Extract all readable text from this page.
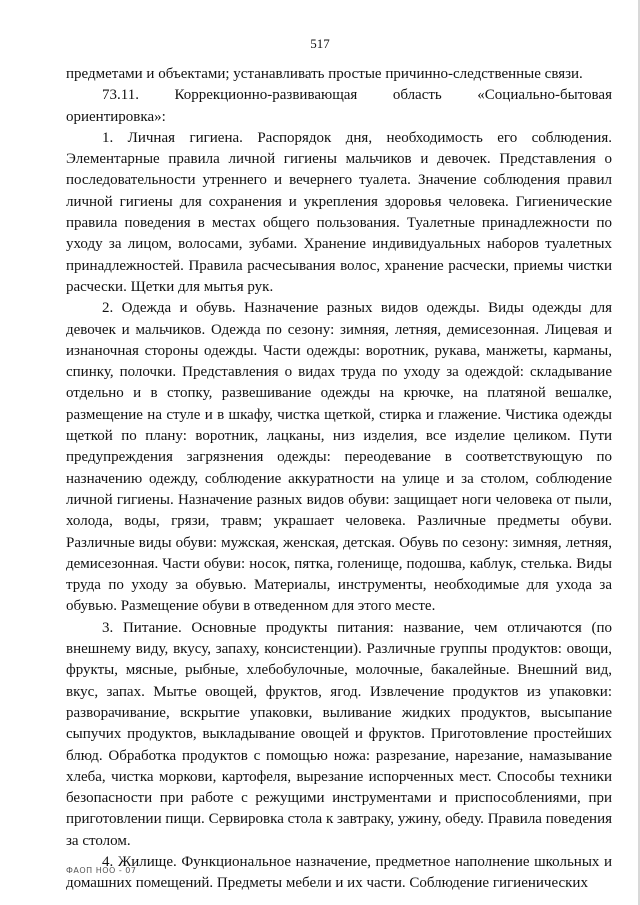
517

предметами и объектами; устанавливать простые причинно-следственные связи.

73.11. Коррекционно-развивающая область «Социально-бытовая

ориентировка»:

1. Личная гигиена. Распорядок дня, необходимость его соблюдения. Элементарные правила личной гигиены мальчиков и девочек. Представления о последовательности утреннего и вечернего туалета. Значение соблюдения правил личной гигиены для сохранения и укрепления здоровья человека. Гигиенические правила поведения в местах общего пользования. Туалетные принадлежности по уходу за лицом, волосами, зубами. Хранение индивидуальных наборов туалетных принадлежностей. Правила расчесывания волос, хранение расчески, приемы чистки расчески. Щетки для мытья рук.

2. Одежда и обувь. Назначение разных видов одежды. Виды одежды для девочек и мальчиков. Одежда по сезону: зимняя, летняя, демисезонная. Лицевая и изнаночная стороны одежды. Части одежды: воротник, рукава, манжеты, карманы, спинку, полочки. Представления о видах труда по уходу за одеждой: складывание отдельно и в стопку, развешивание одежды на крючке, на платяной вешалке, размещение на стуле и в шкафу, чистка щеткой, стирка и глажение. Чистика одежды щеткой по плану: воротник, лацканы, низ изделия, все изделие целиком. Пути предупреждения загрязнения одежды: переодевание в соответствующую по назначению одежду, соблюдение аккуратности на улице и за столом, соблюдение личной гигиены. Назначение разных видов обуви: защищает ноги человека от пыли, холода, воды, грязи, травм; украшает человека. Различные предметы обуви. Различные виды обуви: мужская, женская, детская. Обувь по сезону: зимняя, летняя, демисезонная. Части обуви: носок, пятка, голенище, подошва, каблук, стелька. Виды труда по уходу за обувью. Материалы, инструменты, необходимые для ухода за обувью. Размещение обуви в отведенном для этого месте.

3. Питание. Основные продукты питания: название, чем отличаются (по внешнему виду, вкусу, запаху, консистенции). Различные группы продуктов: овощи, фрукты, мясные, рыбные, хлебобулочные, молочные, бакалейные. Внешний вид, вкус, запах. Мытье овощей, фруктов, ягод. Извлечение продуктов из упаковки: разворачивание, вскрытие упаковки, выливание жидких продуктов, высыпание сыпучих продуктов, выкладывание овощей и фруктов. Приготовление простейших блюд. Обработка продуктов с помощью ножа: разрезание, нарезание, намазывание хлеба, чистка моркови, картофеля, вырезание испорченных мест. Способы техники безопасности при работе с режущими инструментами и приспособлениями, при приготовлении пищи. Сервировка стола к завтраку, ужину, обеду. Правила поведения за столом.

4. Жилище. Функциональное назначение, предметное наполнение школьных и домашних помещений. Предметы мебели и их части. Соблюдение гигиенических

ФАОП НОО - 07
